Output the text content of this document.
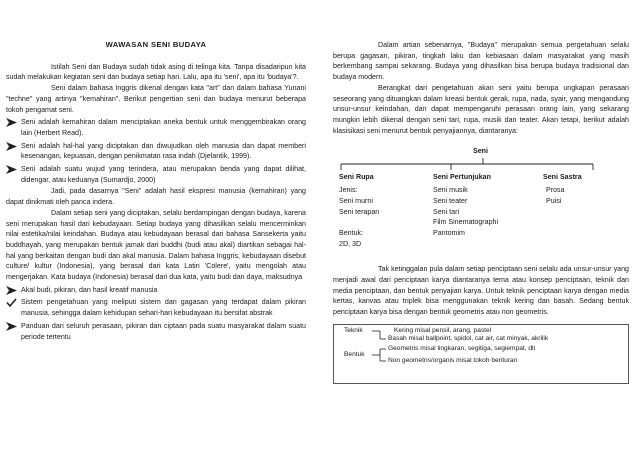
WAWASAN SENI BUDAYA

Istilah Seni dan Budaya sudah tidak asing di telinga kita. Tanpa disadaripun kita sudah melakukan kegiatan seni dan budaya setiap hari. Lalu, apa itu 'seni', apa itu 'budaya'?.

Seni dalam bahasa Inggris dikenal dengan kata "art" dan dalam bahasa Yunani "techne" yang artinya "kemahiran". Berikut pengertian seni dan budaya menurut beberapa tokoh pengamat seni.

Seni adalah kemahiran dalam menciptakan aneka bentuk untuk menggembirakan orang lain (Herbert Read).
Seni adalah hal-hal yang diciptakan dan diwujudkan oleh manusia dan dapat memberi kesenangan, kepuasan, dengan penikmatan rasa indah (Djelantik, 1999).
Seni adalah suatu wujud yang terindera, atau merupakan benda yang dapat dilihat, didengar, atau keduanya (Sumardjo, 2000)

Jadi, pada dasarnya "Seni" adalah hasil ekspresi manusia (kemahiran) yang dapat dinikmati oleh panca indera.

Dalam setiap seni yang diciptakan, selalu berdampingan dengan budaya, karena seni merupakan hasil dari kebudayaan. Setiap budaya yang dihasilkan selalu mencerminkan nilai estetika/nilai keindahan. Budaya atau kebudayaan berasal dari bahasa Sansekerta yaitu buddhayah, yang merupakan bentuk jamak dari buddhi (budi atau akal) diartikan sebagai hal-hal yang berkaitan dengan budi dan akal manusia. Dalam bahasa Inggris, kebudayaan disebut culture/ kultur (Indonesia), yang berasal dari kata Latin 'Colere', yaitu mengolah atau mengerjakan. Kata budaya (Indonesia) berasal dari dua kata, yaitu budi dan daya, maksudnya

Akal budi, pikiran, dan hasil kreatif manusia
Sistem pengetahuan yang meliputi sistem dari gagasan yang terdapat dalam pikiran manusia, sehingga dalam kehidupan sehari-hari kebudayaan itu bersifat abstrak
Panduan dari seluruh perasaan, pikiran dan ciptaan pada suatu masyarakat dalam suatu periode tertentu

Dalam artian sebenarnya, "Budaya" merupakan semua pergetahuan selalu berupa gagasan, pikiran, tingkah laku dan kebiasaan dalam masyarakat yang masih berkembang sampai sekarang. Budaya yang dihasilkan bisa berupa budaya tradisional dan budaya modern.

Berangkat dari pengetahuan akan seni yaitu berupa ungkapan perasaan seseorang yang dituangkan dalam kreasi bentuk gerak, rupa, nada, syair, yang mengandung unsur-unsur keindahan, dan dapat mempengaruhi perasaan orang lain, yang sekarang mungkin lebih dikenal dengan seni tari, rupa, musik dan teater. Akan tetapi, berikut adalah klasisikasi seni menurut bentuk penyajiannya, diantaranya:

Seni
Seni Rupa
Jenis:
Seni murni
Seni terapan
Bentuk:
2D, 3D
Seni Pertunjukan
Seni musik
Seni teater
Seni tari
Film Sinematographi
Pantomim
Seni Sastra
Prosa
Puisi

Tak ketinggalan pula dalam setiap penciptaan seni selalu ada unsur-unsur yang menjadi awal dari penciptaan karya diantaranya tema atau konsep penciptaan, teknik dan media penciptaan, dan bentuk penyajian karya. Untuk teknik penciptaan karya dengan media kertas, kanvas atau triplek bisa menggunakan teknik kering dan basah. Sedang bentuk penciptaan karya bisa dengan bentuk geometris atau non geometris.

Teknik	Kering misal pensil, arang, pastel
Basah misal ballpoint, spidol, cat air, cat minyak, akrilik
Bentuk
Geometris misal lingkaran, segitiga, segiempat, dll
Non geometris/organis misal tokoh berituran
